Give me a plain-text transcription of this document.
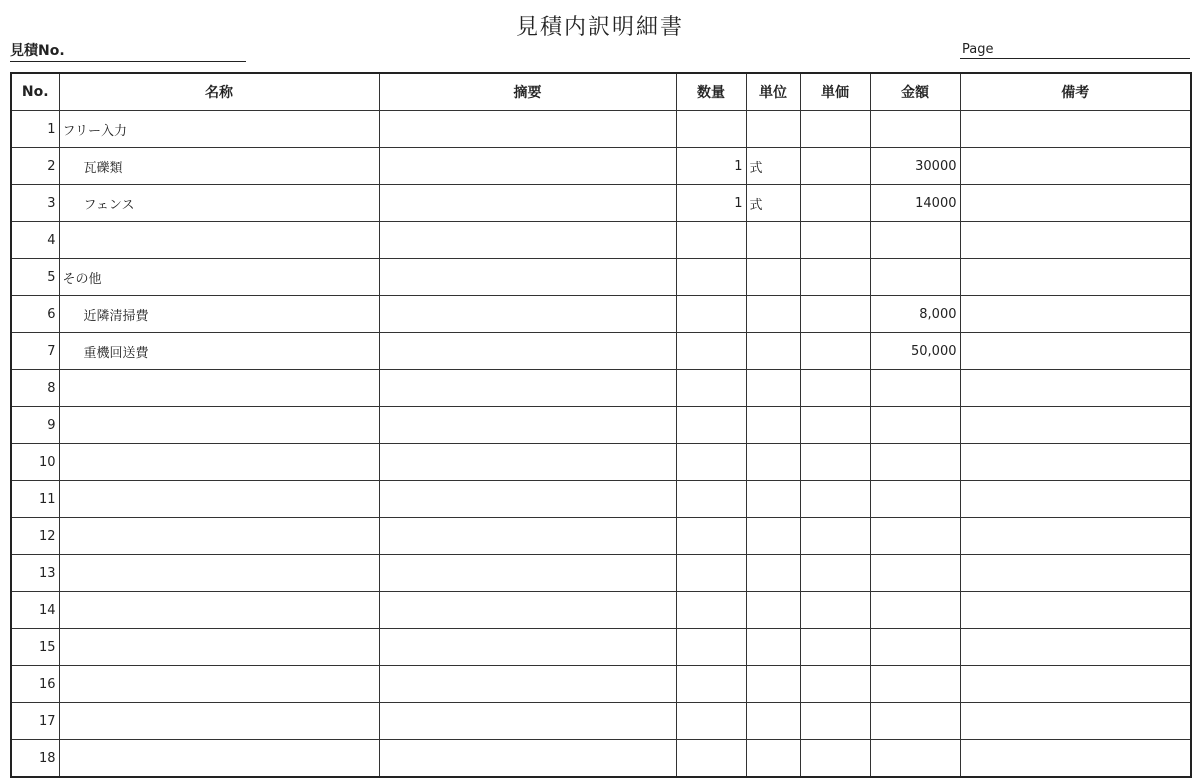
見積内訳明細書
見積No.	Page
No.	名称	摘要	数量	単位	単価	金額	備考
1	フリー入力						
2	瓦礫類		1	式		30000	
3	フェンス		1	式		14000	
4							
5	その他						
6	近隣清掃費					8,000	
7	重機回送費					50,000	
8							
9							
10							
11							
12							
13							
14							
15							
16							
17							
18							
